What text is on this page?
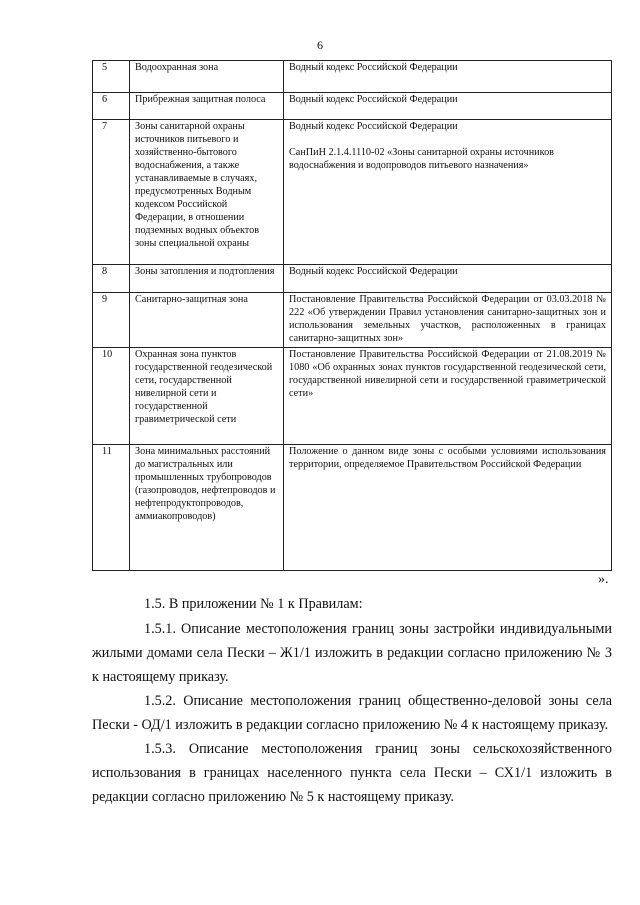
6
5	Водоохранная зона	Водный кодекс Российской Федерации

6	Прибрежная защитная полоса	Водный кодекс Российской Федерации

7	Зоны санитарной охраны источников питьевого и хозяйственно-бытового водоснабжения, а также устанавливаемые в случаях, предусмотренных Водным кодексом Российской Федерации, в отношении подземных водных объектов зоны специальной охраны	Водный кодекс Российской Федерации
СанПиН 2.1.4.1110-02 «Зоны санитарной охраны источников водоснабжения и водопроводов питьевого назначения»

8	Зоны затопления и подтопления	Водный кодекс Российской Федерации

9	Санитарно-защитная зона	Постановление Правительства Российской Федерации от 03.03.2018 № 222 «Об утверждении Правил установления санитарно-защитных зон и использования земельных участков, расположенных в границах санитарно-защитных зон»

10	Охранная зона пунктов государственной геодезической сети, государственной нивелирной сети и государственной гравиметрической сети	Постановление Правительства Российской Федерации от 21.08.2019 № 1080 «Об охранных зонах пунктов государственной геодезической сети, государственной нивелирной сети и государственной гравиметрической сети»

11	Зона минимальных расстояний до магистральных или промышленных трубопроводов (газопроводов, нефтепроводов и нефтепродуктопроводов, аммиакопроводов)	Положение о данном виде зоны с особыми условиями использования территории, определяемое Правительством Российской Федерации
».

1.5. В приложении № 1 к Правилам:

1.5.1. Описание местоположения границ зоны застройки индивидуальными жилыми домами села Пески – Ж1/1 изложить в редакции согласно приложению № 3 к настоящему приказу.

1.5.2. Описание местоположения границ общественно-деловой зоны села Пески - ОД/1 изложить в редакции согласно приложению № 4 к настоящему приказу.

1.5.3. Описание местоположения границ зоны сельскохозяйственного использования в границах населенного пункта села Пески – СХ1/1 изложить в редакции согласно приложению № 5 к настоящему приказу.
